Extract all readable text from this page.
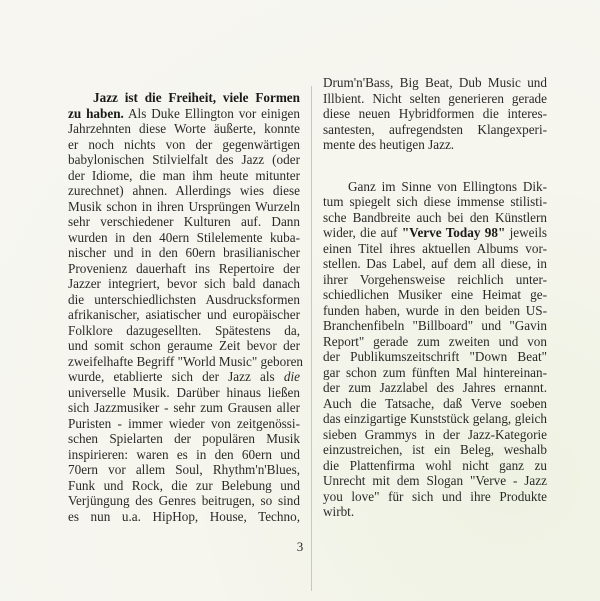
Jazz ist die Freiheit, viele Formen
zu haben. Als Duke Ellington vor einigen
Jahrzehnten diese Worte äußerte, konnte
er noch nichts von der gegenwärtigen
babylonischen Stilvielfalt des Jazz (oder
der Idiome, die man ihm heute mitunter
zurechnet) ahnen. Allerdings wies diese
Musik schon in ihren Ursprüngen Wurzeln
sehr verschiedener Kulturen auf. Dann
wurden in den 40ern Stilelemente kuba-
nischer und in den 60ern brasilianischer
Provenienz dauerhaft ins Repertoire der
Jazzer integriert, bevor sich bald danach
die unterschiedlichsten Ausdrucksformen
afrikanischer, asiatischer und europäischer
Folklore dazugesellten. Spätestens da,
und somit schon geraume Zeit bevor der
zweifelhafte Begriff "World Music" geboren
wurde, etablierte sich der Jazz als die
universelle Musik. Darüber hinaus ließen
sich Jazzmusiker - sehr zum Grausen aller
Puristen - immer wieder von zeitgenössi-
schen Spielarten der populären Musik
inspirieren: waren es in den 60ern und
70ern vor allem Soul, Rhythm'n'Blues,
Funk und Rock, die zur Belebung und
Verjüngung des Genres beitrugen, so sind
es nun u.a. HipHop, House, Techno,
Drum'n'Bass, Big Beat, Dub Music und
Illbient. Nicht selten generieren gerade
diese neuen Hybridformen die interes-
santesten, aufregendsten Klangexperi-
mente des heutigen Jazz.
Ganz im Sinne von Ellingtons Dik-
tum spiegelt sich diese immense stilisti-
sche Bandbreite auch bei den Künstlern
wider, die auf "Verve Today 98" jeweils
einen Titel ihres aktuellen Albums vor-
stellen. Das Label, auf dem all diese, in
ihrer Vorgehensweise reichlich unter-
schiedlichen Musiker eine Heimat ge-
funden haben, wurde in den beiden US-
Branchenfibeln "Billboard" und "Gavin
Report" gerade zum zweiten und von
der Publikumszeitschrift "Down Beat"
gar schon zum fünften Mal hintereinan-
der zum Jazzlabel des Jahres ernannt.
Auch die Tatsache, daß Verve soeben
das einzigartige Kunststück gelang, gleich
sieben Grammys in der Jazz-Kategorie
einzustreichen, ist ein Beleg, weshalb
die Plattenfirma wohl nicht ganz zu
Unrecht mit dem Slogan "Verve - Jazz
you love" für sich und ihre Produkte
wirbt.
3
